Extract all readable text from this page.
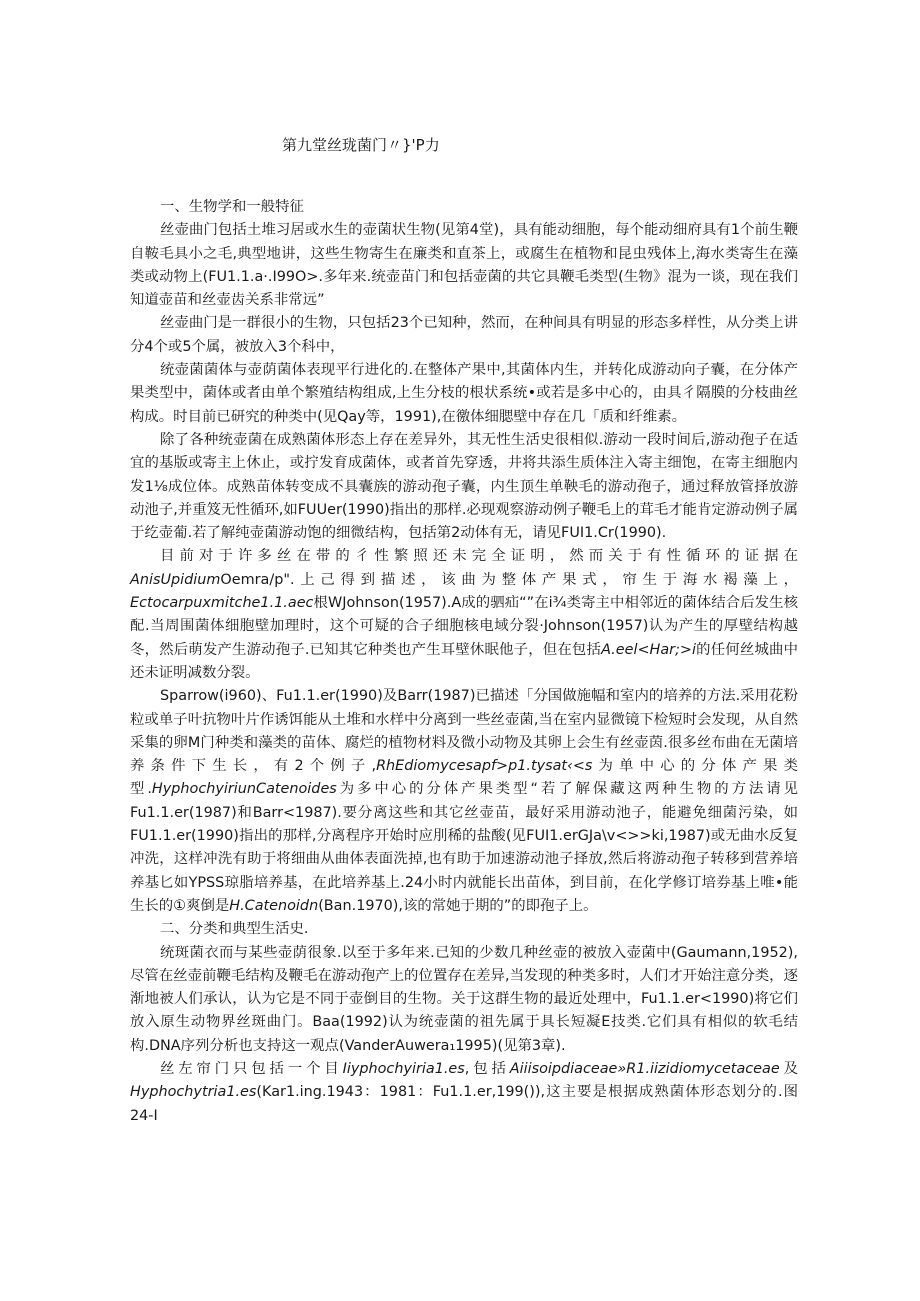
第九堂丝珑菌门〃}'P力

一、生物学和一般特征

丝壶曲门包括土堆习居或水生的壶菌状生物(见第4堂)，具有能动细胞，每个能动细府具有1个前生鞭自鞍毛具小之毛,典型地讲，这些生物寄生在廉类和直茶上，或腐生在植物和昆虫残体上,海水类寄生在藻类或动物上(FU1.1.a·.I99O>.多年来.统壶苗门和包括壶菌的共它具鞭毛类型(生物》混为一谈，现在我们知道壶苗和丝壶齿关系非常远”

丝壶曲门是一群很小的生物，只包括23个已知种，然而，在种间具有明显的形态多样性，从分类上讲分4个或5个属，被放入3个科中，

统壶菌菌体与壶荫菌体表现平行进化的.在整体产果中,其菌体内生，并转化成游动向子囊，在分体产果类型中，菌体或者由单个繁殖结构组成,上生分枝的根状系统•或若是多中心的，由具彳隔膜的分枝曲丝构成。时目前已研究的种类中(见Qay等，1991),在徼体细腮壁中存在几「质和纤维素。

除了各种统壶菌在成熟菌体形态上存在差异外，其无性生活史很相似.游动一段时间后,游动孢子在适宜的基版或寄主上休止，或拧发育成菌体，或者首先穿透，井将共添生质体注入寄主细饱，在寄主细胞内发1⅛成位体。成熟苗体转变成不具囊族的游动孢子囊，内生顶生单鞅毛的游动孢子，通过释放管择放游动池子,并重笈无性循环,如FUUer(1990)指出的那样.必现观察游动例子鞭毛上的茸毛才能肯定游动例子属于纥壶葡.若了解纯壶菌游动饱的细微结构，包括第2动体有无，请见FUI1.Cr(1990).

目前对于许多丝在带的彳性繁照还未完全证明，然而关于有性循环的证据在AnisUpidiumOemra/p".上己得到描述，该曲为整体产果式，帘生于海水褐藻上，Ectocarpuxmitche1.1.aec根WJohnson(1957).A成的驷疝“”在i¾类寄主中相邻近的菌体结合后发生核配.当周围菌体细胞壁加理时，这个可疑的合子细胞核电域分裂·Johnson(1957)认为产生的厚壁结构越冬，然后萌发产生游动孢子.已知其它种类也产生耳壁休眠他子，但在包括A.eel<Har;>i的任何丝城曲中还未证明减数分裂。

Sparrow(i960)、Fu1.1.er(1990)及Barr(1987)已描述「分国做施幅和室内的培养的方法.采用花粉粒或单子叶抗物叶片作诱饵能从土堆和水样中分离到一些丝壶菌,当在室内显微镜下检短时会发现，从自然采集的卵M门种类和藻类的苗体、腐烂的植物材料及微小动物及其卵上会生有丝壶茵.很多丝布曲在无菌培养条件下生长，有2个例子,RhEdiomycesapf>p1.tysat‹<s为单中心的分体产果类型.HyphochyiriunCatenoides为多中心的分体产果类型“若了解保藏这两种生物的方法请见Fu1.1.er(1987)和Barr<1987).要分离这些和其它丝壶苗，最好采用游动池子，能避免细菌污染，如FU1.1.er(1990)指出的那样,分离程序开始时应刖稀的盐酸(见FUI1.erGJa\v<>>ki,1987)或无曲水反复冲洗，这样冲洗有助于将细曲从曲体表面洗掉,也有助于加速游动池子择放,然后将游动孢子转移到营养培养基匕如YPSS琼脂培养基，在此培养基上.24小时内就能长出苗体，到目前，在化学修订培券基上唯•能生长的①爽倒是H.Catenoidn(Ban.1970),该的常她于期的”的即孢子上。

二、分类和典型生活史.

统斑菌衣而与某些壶荫很象.以至于多年来.已知的少数几种丝壶的被放入壶菌中(Gaumann,1952),尽管在丝壶前鞭毛结构及鞭毛在游动孢产上的位置存在差异,当发现的种类多时，人们才开始注意分类，逐渐地被人们承认，认为它是不同于壶倒目的生物。关于这群生物的最近处理中，Fu1.1.er<1990)将它们放入原生动物界丝斑曲门。Baa(1992)认为统壶菌的祖先属于具长短凝E技类.它们具有相似的软毛结构.DNA序列分析也支持这一观点(VanderAuwera₁1995)(见第3章).

丝左帘门只包括一个目Iiyphochyiria1.es,包括Aiiisoipdiaceae»R1.iizidiomycetaceae及Hyphochytria1.es(Kar1.ing.1943：1981：Fu1.1.er,199()),这主要是根据成熟菌体形态划分的.图24-I
